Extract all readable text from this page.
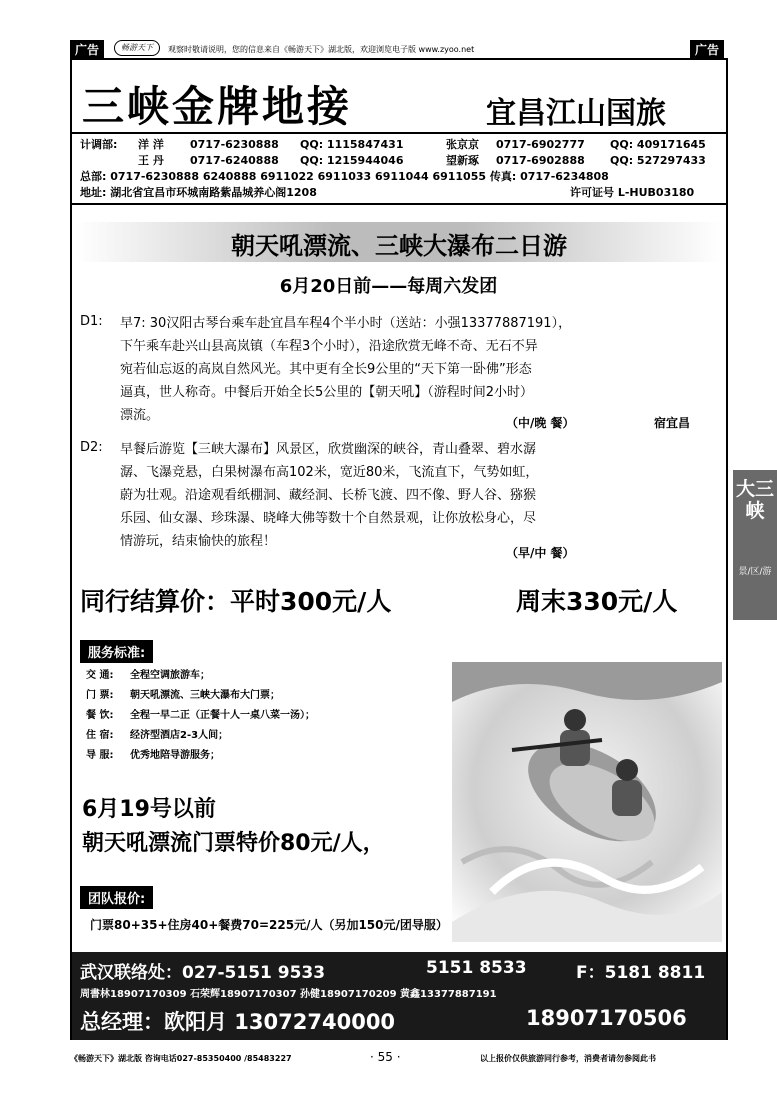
广告	广告
畅游天下	观察时敬请说明，您的信息来自《畅游天下》湖北版，欢迎浏览电子版 www.zyoo.net
三峡金牌地接	宜昌江山国旅
计调部: 洋 洋 0717-6230888 QQ: 1115847431	张京京 0717-6902777 QQ: 409171645
王 丹 0717-6240888 QQ: 1215944046	望新琢 0717-6902888 QQ: 527297433
总部: 0717-6230888 6240888 6911022 6911033 6911044 6911055 传真: 0717-6234808
地址: 湖北省宜昌市环城南路紫晶城养心阁1208	许可证号 L-HUB03180
朝天吼漂流、三峡大瀑布二日游
6月20日前——每周六发团
D1: 早7: 30汉阳古琴台乘车赴宜昌车程4个半小时（送站：小强13377887191），
下午乘车赴兴山县高岚镇（车程3个小时），沿途欣赏无峰不奇、无石不异
宛若仙忘返的高岚自然风光。其中更有全长9公里的“天下第一卧佛”形态
逼真，世人称奇。中餐后开始全长5公里的【朝天吼】（游程时间2小时）
漂流。	（中/晚 餐）	宿宜昌
D2: 早餐后游览【三峡大瀑布】风景区，欣赏幽深的峡谷，青山叠翠、碧水潺
潺、飞瀑竞悬，白果树瀑布高102米，宽近80米，飞流直下，气势如虹，
蔚为壮观。沿途观看纸棚洞、藏经洞、长桥飞渡、四不像、野人谷、猕猴
乐园、仙女瀑、珍珠瀑、晓峰大佛等数十个自然景观，让你放松身心，尽
情游玩，结束愉快的旅程！
（早/中 餐）
同行结算价：平时300元/人	周末330元/人
服务标准:
交 通: 全程空调旅游车；
门 票: 朝天吼漂流、三峡大瀑布大门票；
餐 饮: 全程一早二正（正餐十人一桌八菜一汤）；
住 宿: 经济型酒店2-3人间；
导 服: 优秀地陪导游服务；
6月19号以前
朝天吼漂流门票特价80元/人，
团队报价:
门票80+35+住房40+餐费70=225元/人（另加150元/团导服）
武汉联络处：027-5151 9533	5151 8533	F：5181 8811
周書林18907170309 石荣辉18907170307 孙健18907170209 黄鑫13377887191
总经理：欧阳月 13072740000	18907170506
大三峡
景/区/游
《畅游天下》湖北版 咨询电话027-85350400 /85483227	· 55 ·	以上报价仅供旅游同行参考，消费者请勿参阅此书
